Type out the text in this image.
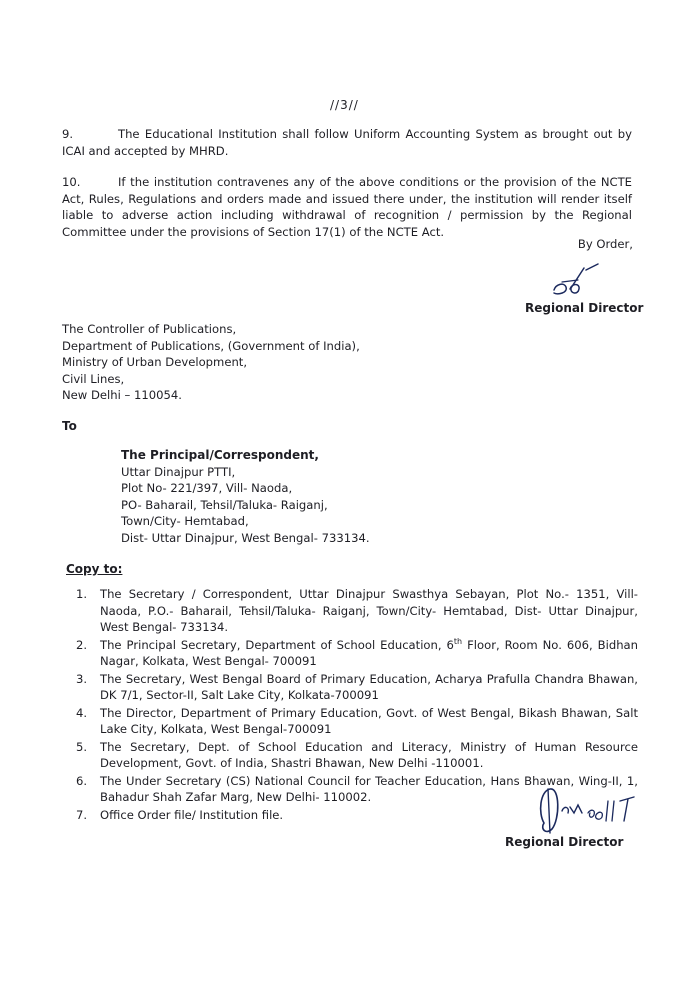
//3//

9.	The Educational Institution shall follow Uniform Accounting System as brought out by ICAI and accepted by MHRD.

10.	If the institution contravenes any of the above conditions or the provision of the NCTE Act, Rules, Regulations and orders made and issued there under, the institution will render itself liable to adverse action including withdrawal of recognition / permission by the Regional Committee under the provisions of Section 17(1) of the NCTE Act.

By Order,

Regional Director

The Controller of Publications,
Department of Publications, (Government of India),
Ministry of Urban Development,
Civil Lines,
New Delhi – 110054.

To

The Principal/Correspondent,
Uttar Dinajpur PTTI,
Plot No- 221/397, Vill- Naoda,
PO- Baharail, Tehsil/Taluka- Raiganj,
Town/City- Hemtabad,
Dist- Uttar Dinajpur, West Bengal- 733134.

Copy to:

1.	The Secretary / Correspondent, Uttar Dinajpur Swasthya Sebayan, Plot No.- 1351, Vill- Naoda, P.O.- Baharail, Tehsil/Taluka- Raiganj, Town/City- Hemtabad, Dist- Uttar Dinajpur, West Bengal- 733134.
2.	The Principal Secretary, Department of School Education, 6th Floor, Room No. 606, Bidhan Nagar, Kolkata, West Bengal- 700091
3.	The Secretary, West Bengal Board of Primary Education, Acharya Prafulla Chandra Bhawan, DK 7/1, Sector-II, Salt Lake City, Kolkata-700091
4.	The Director, Department of Primary Education, Govt. of West Bengal, Bikash Bhawan, Salt Lake City, Kolkata, West Bengal-700091
5.	The Secretary, Dept. of School Education and Literacy, Ministry of Human Resource Development, Govt. of India, Shastri Bhawan, New Delhi -110001.
6.	The Under Secretary (CS) National Council for Teacher Education, Hans Bhawan, Wing-II, 1, Bahadur Shah Zafar Marg, New Delhi- 110002.
7.	Office Order file/ Institution file.

Regional Director
